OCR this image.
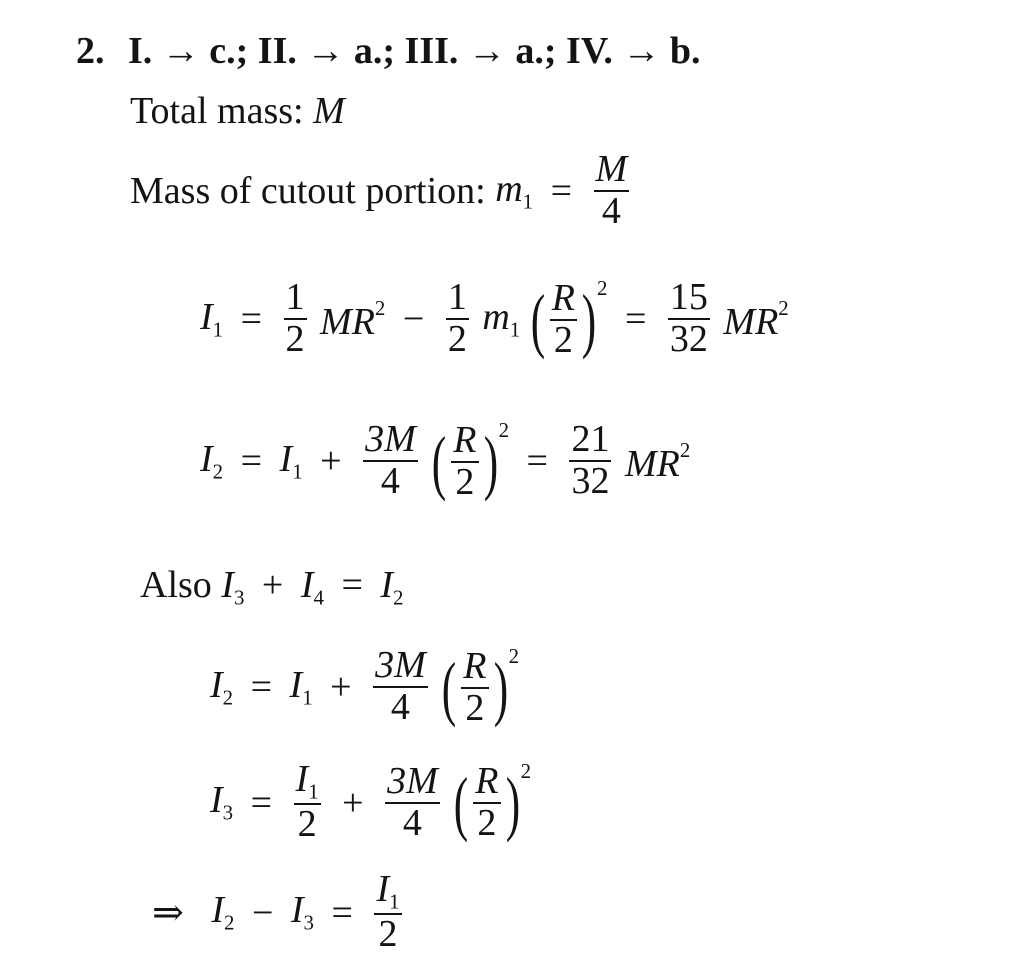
2. I. → c.; II. → a.; III. → a.; IV. → b.
Total mass: M
Mass of cutout portion: $m_1 = \frac{M}{4}$
$I_1 = \frac{1}{2} MR^2 - \frac{1}{2} m_1$ ( $\frac{R}{2} )^2 = \frac{15}{32} MR^2$
$I_2 = I_1 + \frac{3M}{4}$ ( $\frac{R}{2} )^2 = \frac{21}{32} MR^2$
Also $I_3 + I_4 = I_2$
$I_2 = I_1 + \frac{3M}{4}$ ( $\frac{R}{2} )^2$
$I_3 = \frac{I_1}{2} + \frac{3M}{4}$ ( $\frac{R}{2} )^2$
⇒ $I_2 - I_3 = \frac{I_1}{2}$
